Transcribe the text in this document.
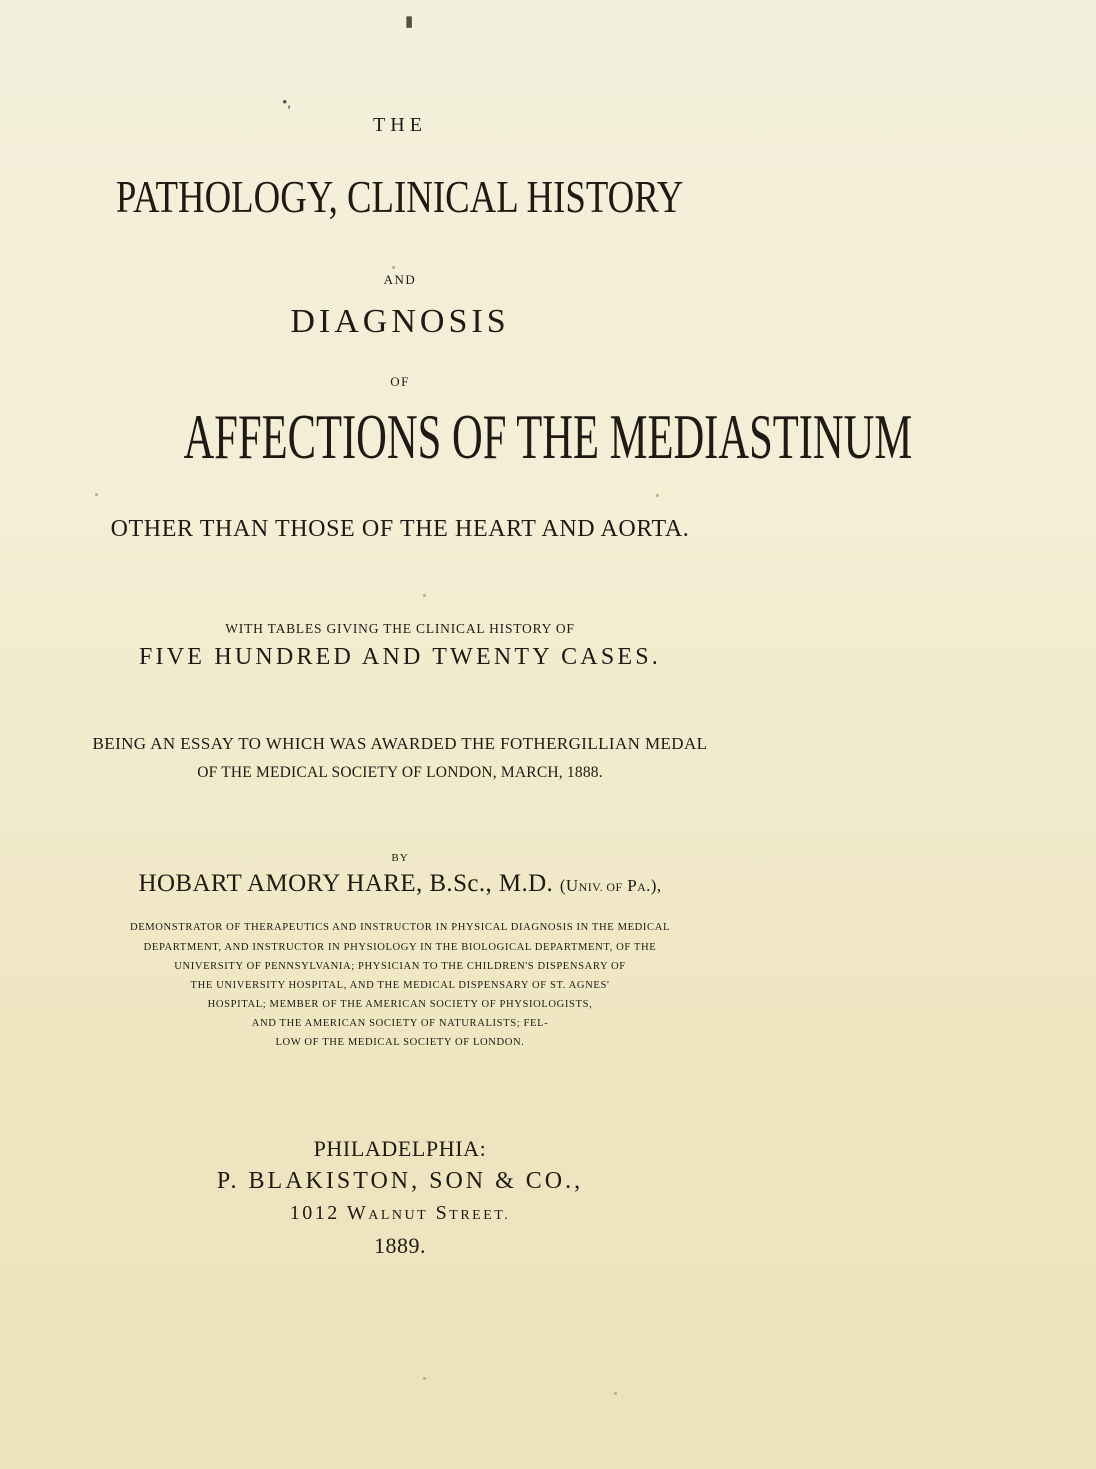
▮
•,
THE
PATHOLOGY, CLINICAL HISTORY
AND
DIAGNOSIS
OF
AFFECTIONS OF THE MEDIASTINUM
OTHER THAN THOSE OF THE HEART AND AORTA.
WITH TABLES GIVING THE CLINICAL HISTORY OF
FIVE HUNDRED AND TWENTY CASES.
BEING AN ESSAY TO WHICH WAS AWARDED THE FOTHERGILLIAN MEDAL
OF THE MEDICAL SOCIETY OF LONDON, MARCH, 1888.
BY
HOBART AMORY HARE, B.Sc., M.D. (UNIV. OF PA.),
DEMONSTRATOR OF THERAPEUTICS AND INSTRUCTOR IN PHYSICAL DIAGNOSIS IN THE MEDICAL
DEPARTMENT, AND INSTRUCTOR IN PHYSIOLOGY IN THE BIOLOGICAL DEPARTMENT, OF THE
UNIVERSITY OF PENNSYLVANIA; PHYSICIAN TO THE CHILDREN'S DISPENSARY OF
THE UNIVERSITY HOSPITAL, AND THE MEDICAL DISPENSARY OF ST. AGNES'
HOSPITAL; MEMBER OF THE AMERICAN SOCIETY OF PHYSIOLOGISTS,
AND THE AMERICAN SOCIETY OF NATURALISTS; FEL-
LOW OF THE MEDICAL SOCIETY OF LONDON.
PHILADELPHIA:
P. BLAKISTON, SON & CO.,
1012 WALNUT STREET.
1889.
